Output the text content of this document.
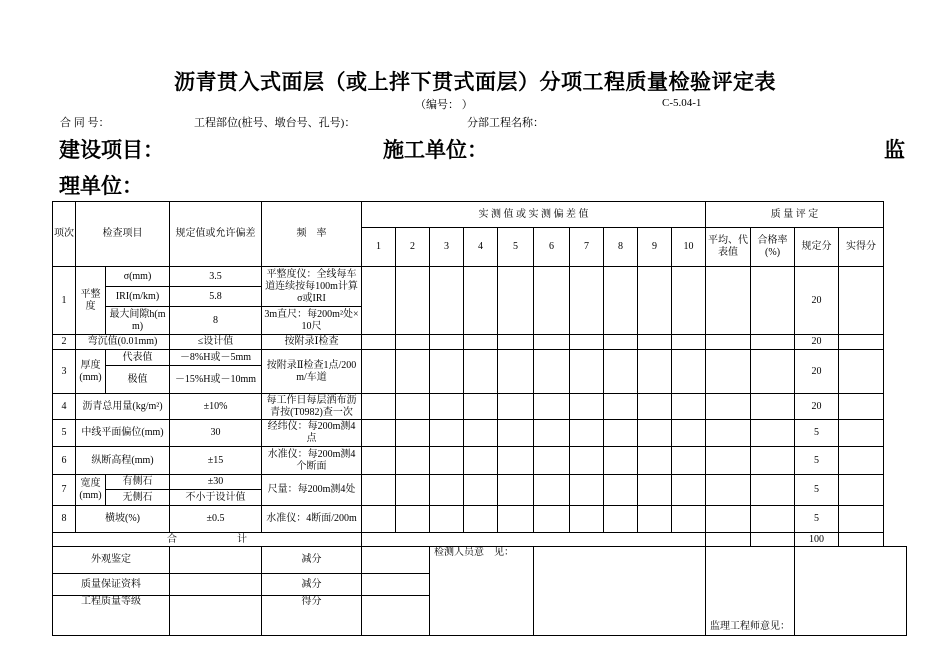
沥青贯入式面层（或上拌下贯式面层）分项工程质量检验评定表
（编号： ）	C-5.04-1
合 同 号：	工程部位(桩号、墩台号、孔号)：	分部工程名称：
建设项目：	施工单位：	监
理单位：
项次	检查项目		规定值或允许偏差	频　率	实 测 值 或 实 测 偏 差 值										质 量 评 定			
					1	2	3	4	5	6	7	8	9	10	平均、代表值	合格率(%)	规定分	实得分
1	平整度	σ(mm)	3.5	平整度仪：全线每车道连续按每100m计算σ或IRI													20	
		IRI(m/km)	5.8															
		最大间隙h(mm)	8	3m直尺：每200m²处×10尺														
2	弯沉值(0.01mm)		≤设计值	按附录Ⅰ检查													20	
3	厚度(mm)	代表值	－8%H或－5mm	按附录Ⅱ检查1点/200m/车道													20	
		极值	－15%H或－10mm															
4	沥青总用量(kg/m²)		±10%	每工作日每层洒布沥青按(T0982)查一次													20	
5	中线平面偏位(mm)		30	经纬仪：每200m测4点													5	
6	纵断高程(mm)		±15	水准仪：每200m测4个断面													5	
7	宽度(mm)	有侧石	±30	尺量：每200m测4处													5	
		无侧石	不小于设计值															
8	横坡(%)		±0.5	水准仪：4断面/200m													5	
合　　　　　　 计																	100	
外观鉴定				减分			检测人员意　见：								监理工程师意见：			
质量保证资料				减分														
工程质量等级				得分														
